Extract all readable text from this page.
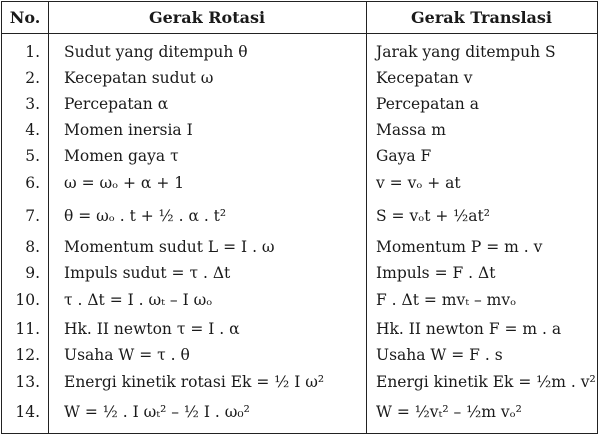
No.	Gerak Rotasi	Gerak Translasi
1. Sudut yang ditempuh θ	Jarak yang ditempuh S
2. Kecepatan sudut ω	Kecepatan v
3. Percepatan α	Percepatan a
4. Momen inersia I	Massa m
5. Momen gaya τ	Gaya F
6. ω = ωₒ + α + 1	v = vₒ + at
7. θ = ωₒ . t + ½ . α . t²	S = vₒt + ½at²
8. Momentum sudut L = I . ω	Momentum P = m . v
9. Impuls sudut = τ . Δt	Impuls = F . Δt
10. τ . Δt = I . ωₜ – I ωₒ	F . Δt = mvₜ – mvₒ
11. Hk. II newton τ = I . α	Hk. II newton F = m . a
12. Usaha W = τ . θ	Usaha W = F . s
13. Energi kinetik rotasi Ek = ½ I ω²	Energi kinetik Ek = ½m . v²
14. W = ½ . I ωₜ² – ½ I . ω₀²	W = ½vₜ² – ½m vₒ²
